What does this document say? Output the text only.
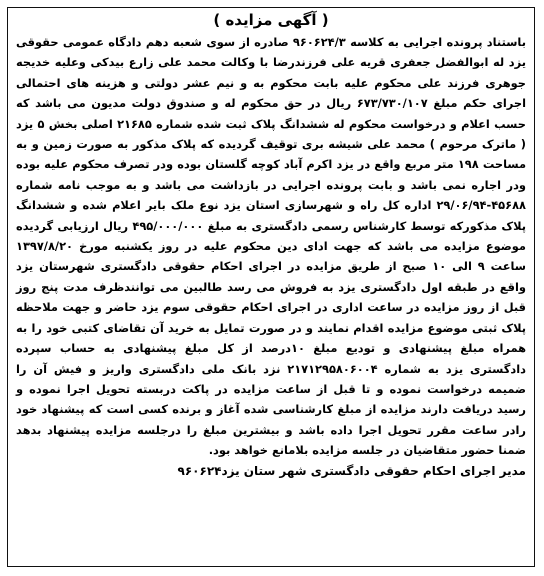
( آگهی مزایده )

باستناد پرونده اجرایی به کلاسه ۹۶۰۶۲۴/۳ صادره از سوی شعبه دهم دادگاه عمومی حقوقی یزد له ابوالفضل جعفری قریه علی فرزندرضا با وکالت محمد علی زارع بیدکی وعلیه خدیجه جوهری فرزند علی محکوم علیه بابت محکوم به و نیم عشر دولتی و هزینه های احتمالی اجرای حکم مبلغ ۶۷۳/۷۳۰/۱۰۷ ریال در حق محکوم له و صندوق دولت مدیون می باشد که حسب اعلام و درخواست محکوم له ششدانگ پلاک ثبت شده شماره ۲۱۶۸۵ اصلی بخش ۵ یزد ( ماترک مرحوم ) محمد علی شیشه بری توقیف گردیده که پلاک مذکور به صورت زمین و به مساحت ۱۹۸ متر مربع واقع در یزد اکرم آباد کوچه گلستان بوده ودر تصرف محکوم علیه بوده ودر اجاره نمی باشد و بابت پرونده اجرایی در بازداشت می باشد و به موجب نامه شماره ۴۵۶۸۸-۲۹/۰۶/۹۴ اداره کل راه و شهرسازی استان یزد نوع ملک بایر اعلام شده و ششدانگ پلاک مذکورکه توسط کارشناس رسمی دادگستری به مبلغ ۴۹۵/۰۰۰/۰۰۰ ریال ارزیابی گردیده موضوع مزایده می باشد که جهت ادای دین محکوم علیه در روز یکشنبه مورخ ۱۳۹۷/۸/۲۰ ساعت ۹ الی ۱۰ صبح از طریق مزایده در اجرای احکام حقوقی دادگستری شهرستان یزد واقع در طبقه اول دادگستری یزد به فروش می رسد طالبین می توانندظرف مدت پنج روز قبل از روز مزایده در ساعت اداری در اجرای احکام حقوقی سوم یزد حاضر و جهت ملاحظه پلاک ثبتی موضوع مزایده اقدام نمایند و در صورت تمایل به خرید آن تقاضای کتبی خود را به همراه مبلغ پیشنهادی و تودیع مبلغ ۱۰درصد از کل مبلغ پیشنهادی به حساب سپرده دادگستری یزد به شماره ۲۱۷۱۲۹۵۸۰۶۰۰۴ نزد بانک ملی دادگستری واریز و فیش آن را ضمیمه درخواست نموده و تا قبل از ساعت مزایده در پاکت دربسته تحویل اجرا نموده و رسید دریافت دارند مزایده از مبلغ کارشناسی شده آغاز و برنده کسی است که پیشنهاد خود رادر ساعت مقرر تحویل اجرا داده باشد و بیشترین مبلغ را درجلسه مزایده پیشنهاد بدهد ضمنا حضور متقاضیان در جلسه مزایده بلامانع خواهد بود.

مدیر اجرای احکام حقوقی دادگستری شهر ستان یزد۹۶۰۶۲۴
